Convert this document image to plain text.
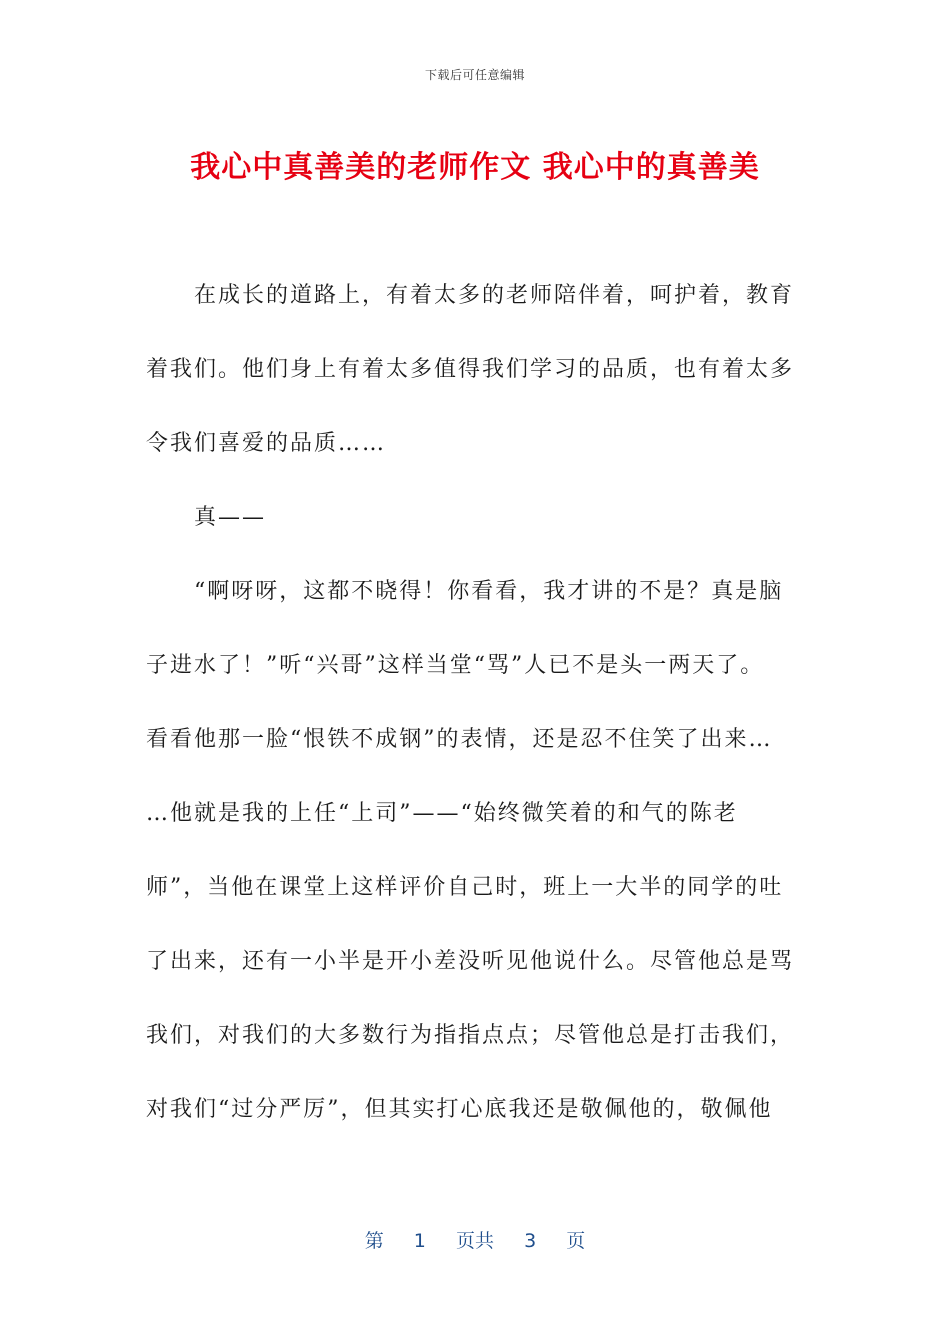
下载后可任意编辑
我心中真善美的老师作文 我心中的真善美
在成长的道路上，有着太多的老师陪伴着，呵护着，教育
着我们。他们身上有着太多值得我们学习的品质，也有着太多
令我们喜爱的品质……
真——
“啊呀呀，这都不晓得！你看看，我才讲的不是？真是脑
子进水了！”听“兴哥”这样当堂“骂”人已不是头一两天了。
看看他那一脸“恨铁不成钢”的表情，还是忍不住笑了出来…
…他就是我的上任“上司”——“始终微笑着的和气的陈老
师”，当他在课堂上这样评价自己时，班上一大半的同学的吐
了出来，还有一小半是开小差没听见他说什么。尽管他总是骂
我们，对我们的大多数行为指指点点；尽管他总是打击我们，
对我们“过分严厉”，但其实打心底我还是敬佩他的，敬佩他
第 1 页共 3 页
